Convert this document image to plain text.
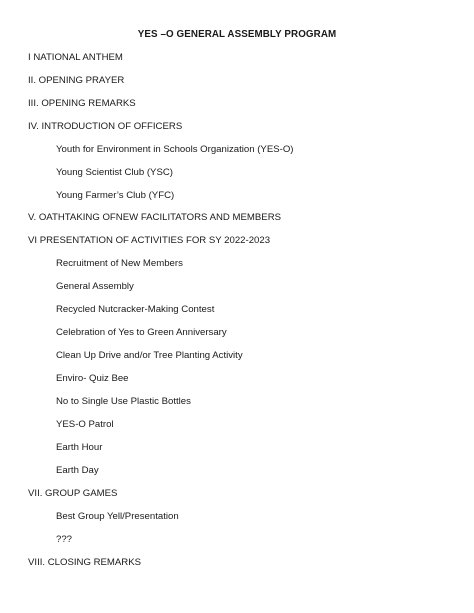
YES –O GENERAL ASSEMBLY PROGRAM
I NATIONAL ANTHEM
II. OPENING PRAYER
III. OPENING REMARKS
IV. INTRODUCTION OF OFFICERS
Youth for Environment in Schools Organization (YES-O)
Young Scientist Club (YSC)
Young Farmer’s Club (YFC)
V. OATHTAKING OFNEW FACILITATORS AND MEMBERS
VI PRESENTATION OF ACTIVITIES FOR SY 2022-2023
Recruitment of New Members
General Assembly
Recycled Nutcracker-Making Contest
Celebration of Yes to Green Anniversary
Clean Up Drive and/or Tree Planting Activity
Enviro- Quiz Bee
No to Single Use Plastic Bottles
YES-O Patrol
Earth Hour
Earth Day
VII. GROUP GAMES
Best Group Yell/Presentation
???
VIII. CLOSING REMARKS
